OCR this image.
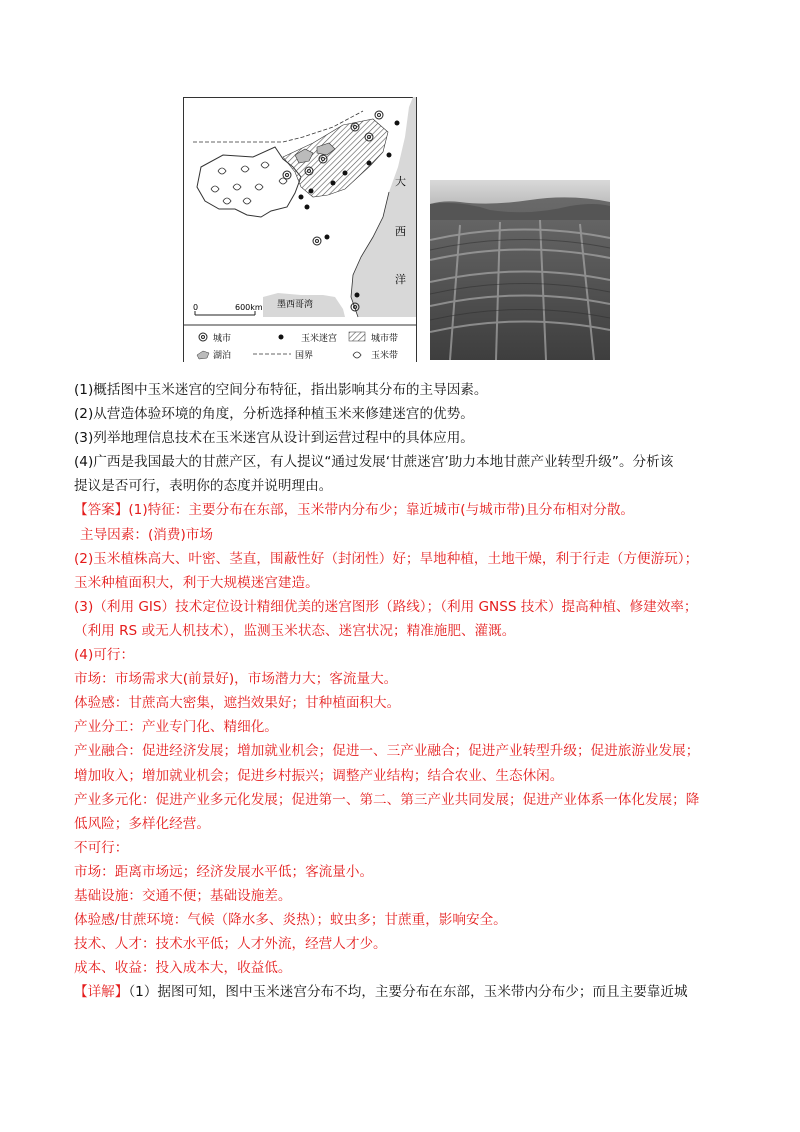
大
西
洋
墨西哥湾
0	600km
城市	玉米迷宫	城市带
湖泊	国界	玉米带
(1)概括图中玉米迷宫的空间分布特征，指出影响其分布的主导因素。
(2)从营造体验环境的角度，分析选择种植玉米来修建迷宫的优势。
(3)列举地理信息技术在玉米迷宫从设计到运营过程中的具体应用。
(4)广西是我国最大的甘蔗产区，有人提议“通过发展‘甘蔗迷宫’助力本地甘蔗产业转型升级”。分析该
提议是否可行，表明你的态度并说明理由。
【答案】(1)特征：主要分布在东部，玉米带内分布少；靠近城市(与城市带)且分布相对分散。
主导因素：(消费)市场
(2)玉米植株高大、叶密、茎直，围蔽性好（封闭性）好；旱地种植，土地干燥，利于行走（方便游玩）；
玉米种植面积大，利于大规模迷宫建造。
(3)（利用 GIS）技术定位设计精细优美的迷宫图形（路线）；（利用 GNSS 技术）提高种植、修建效率；
（利用 RS 或无人机技术），监测玉米状态、迷宫状况；精准施肥、灌溉。
(4)可行：
市场：市场需求大(前景好)，市场潜力大；客流量大。
体验感：甘蔗高大密集，遮挡效果好；甘种植面积大。
产业分工：产业专门化、精细化。
产业融合：促进经济发展；增加就业机会；促进一、三产业融合；促进产业转型升级；促进旅游业发展；
增加收入；增加就业机会；促进乡村振兴；调整产业结构；结合农业、生态休闲。
产业多元化：促进产业多元化发展；促进第一、第二、第三产业共同发展；促进产业体系一体化发展；降
低风险；多样化经营。
不可行：
市场：距离市场远；经济发展水平低；客流量小。
基础设施：交通不便；基础设施差。
体验感/甘蔗环境：气候（降水多、炎热）；蚊虫多；甘蔗重，影响安全。
技术、人才：技术水平低；人才外流，经营人才少。
成本、收益：投入成本大，收益低。
【详解】（1）据图可知，图中玉米迷宫分布不均，主要分布在东部，玉米带内分布少；而且主要靠近城
